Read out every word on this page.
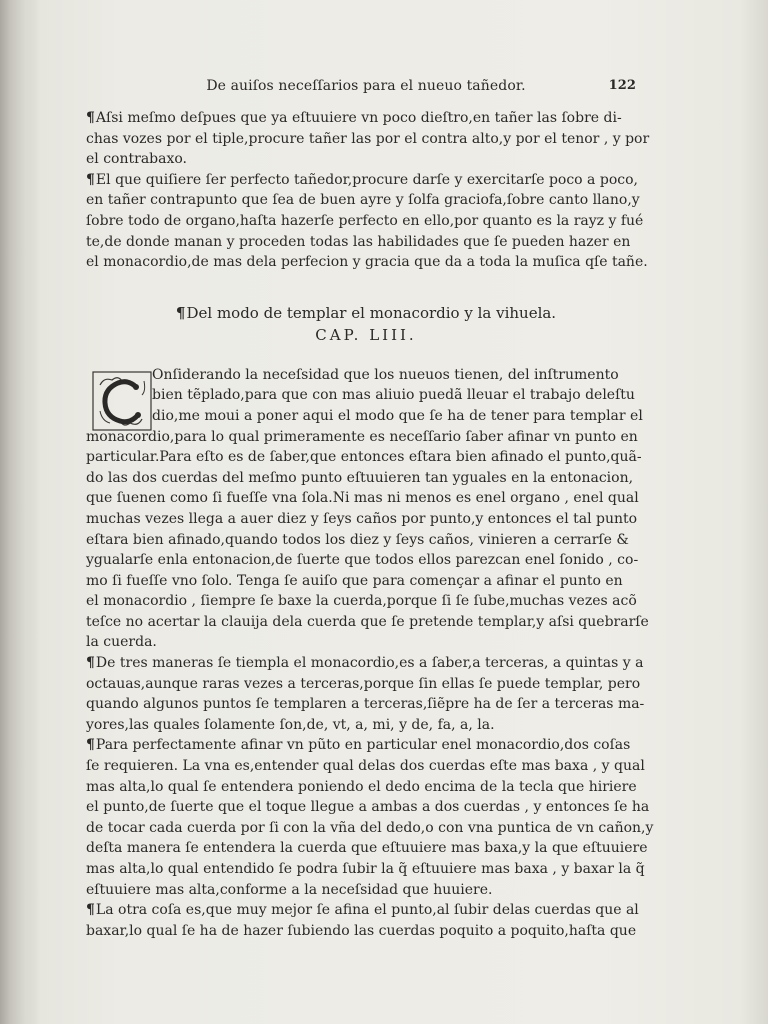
De auiſos neceſſarios para el nueuo tañedor.	122

¶Aſsi meſmo deſpues que ya eſtuuiere vn poco dieſtro,en tañer las ſobre di-
chas vozes por el tiple,procure tañer las por el contra alto,y por el tenor , y por
el contrabaxo.

¶El que quiſiere ſer perfecto tañedor,procure darſe y exercitarſe poco a poco,
en tañer contrapunto que ſea de buen ayre y ſolfa graciofa,ſobre canto llano,y
ſobre todo de organo,haſta hazerſe perfecto en ello,por quanto es la rayz y fué
te,de donde manan y proceden todas las habilidades que ſe pueden hazer en
el monacordio,de mas dela perfecion y gracia que da a toda la muſica qſe tañe.

¶Del modo de templar el monacordio y la vihuela.
CAP. LIII.

Onſiderando la neceſsidad que los nueuos tienen, del inſtrumento
bien tẽplado,para que con mas aliuio puedã lleuar el trabajo deleſtu
dio,me moui a poner aqui el modo que ſe ha de tener para templar el
monacordio,para lo qual primeramente es neceſſario ſaber afinar vn punto en
particular.Para eſto es de ſaber,que entonces eſtara bien afinado el punto,quã-
do las dos cuerdas del meſmo punto eſtuuieren tan yguales en la entonacion,
que ſuenen como ſi fueſſe vna ſola.Ni mas ni menos es enel organo , enel qual
muchas vezes llega a auer diez y ſeys caños por punto,y entonces el tal punto
eſtara bien afinado,quando todos los diez y ſeys caños, vinieren a cerrarſe &
ygualarſe enla entonacion,de ſuerte que todos ellos parezcan enel ſonido , co-
mo ſi fueſſe vno ſolo. Tenga ſe auiſo que para començar a afinar el punto en
el monacordio , ſiempre ſe baxe la cuerda,porque ſi ſe ſube,muchas vezes acõ
teſce no acertar la clauija dela cuerda que ſe pretende templar,y aſsi quebrarſe
la cuerda.

¶De tres maneras ſe tiempla el monacordio,es a ſaber,a terceras, a quintas y a
octauas,aunque raras vezes a terceras,porque ſin ellas ſe puede templar, pero
quando algunos puntos ſe templaren a terceras,ſiẽpre ha de ſer a terceras ma-
yores,las quales ſolamente ſon,de, vt, a, mi, y de, fa, a, la.

¶Para perfectamente afinar vn pũto en particular enel monacordio,dos coſas
ſe requieren. La vna es,entender qual delas dos cuerdas eſte mas baxa , y qual
mas alta,lo qual ſe entendera poniendo el dedo encima de la tecla que hiriere
el punto,de ſuerte que el toque llegue a ambas a dos cuerdas , y entonces ſe ha
de tocar cada cuerda por ſi con la vña del dedo,o con vna puntica de vn cañon,y
deſta manera ſe entendera la cuerda que eſtuuiere mas baxa,y la que eſtuuiere
mas alta,lo qual entendido ſe podra ſubir la q̃ eſtuuiere mas baxa , y baxar la q̃
eſtuuiere mas alta,conforme a la neceſsidad que huuiere.

¶La otra coſa es,que muy mejor ſe afina el punto,al ſubir delas cuerdas que al
baxar,lo qual ſe ha de hazer ſubiendo las cuerdas poquito a poquito,haſta que
